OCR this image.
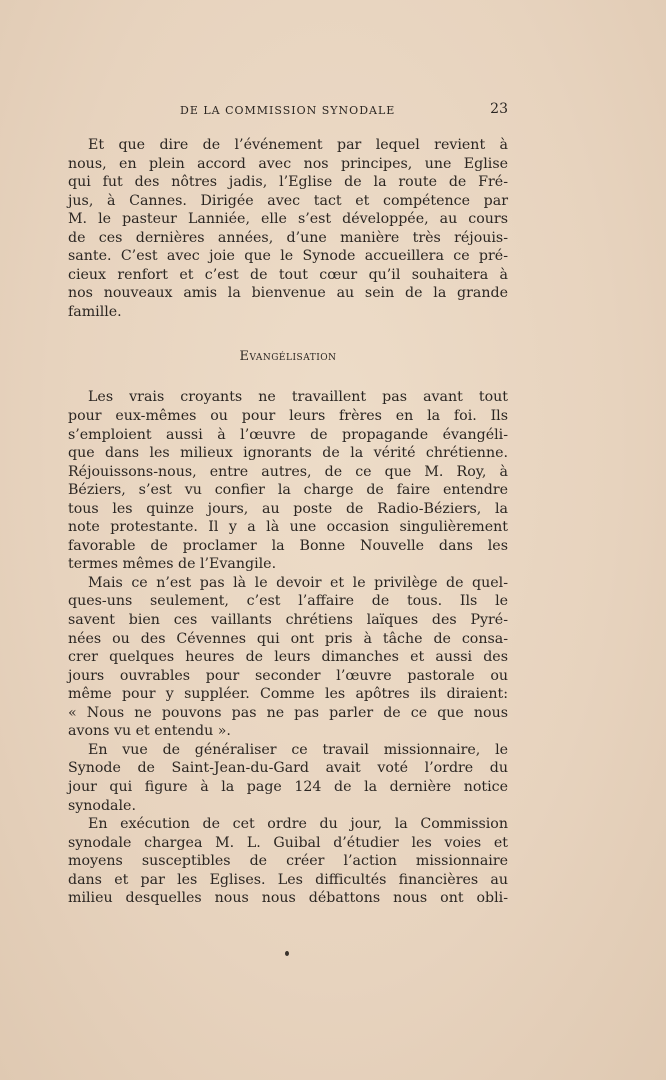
DE LA COMMISSION SYNODALE	23
Et que dire de l’événement par lequel revient à
nous, en plein accord avec nos principes, une Eglise
qui fut des nôtres jadis, l’Eglise de la route de Fré-
jus, à Cannes. Dirigée avec tact et compétence par
M. le pasteur Lanniée, elle s’est développée, au cours
de ces dernières années, d’une manière très réjouis-
sante. C’est avec joie que le Synode accueillera ce pré-
cieux renfort et c’est de tout cœur qu’il souhaitera à
nos nouveaux amis la bienvenue au sein de la grande
famille.
Evangélisation
Les vrais croyants ne travaillent pas avant tout
pour eux-mêmes ou pour leurs frères en la foi. Ils
s’emploient aussi à l’œuvre de propagande évangéli-
que dans les milieux ignorants de la vérité chrétienne.
Réjouissons-nous, entre autres, de ce que M. Roy, à
Béziers, s’est vu confier la charge de faire entendre
tous les quinze jours, au poste de Radio-Béziers, la
note protestante. Il y a là une occasion singulièrement
favorable de proclamer la Bonne Nouvelle dans les
termes mêmes de l’Evangile.
Mais ce n’est pas là le devoir et le privilège de quel-
ques-uns seulement, c’est l’affaire de tous. Ils le
savent bien ces vaillants chrétiens laïques des Pyré-
nées ou des Cévennes qui ont pris à tâche de consa-
crer quelques heures de leurs dimanches et aussi des
jours ouvrables pour seconder l’œuvre pastorale ou
même pour y suppléer. Comme les apôtres ils diraient:
« Nous ne pouvons pas ne pas parler de ce que nous
avons vu et entendu ».
En vue de généraliser ce travail missionnaire, le
Synode de Saint-Jean-du-Gard avait voté l’ordre du
jour qui figure à la page 124 de la dernière notice
synodale.
En exécution de cet ordre du jour, la Commission
synodale chargea M. L. Guibal d’étudier les voies et
moyens susceptibles de créer l’action missionnaire
dans et par les Eglises. Les difficultés financières au
milieu desquelles nous nous débattons nous ont obli-
